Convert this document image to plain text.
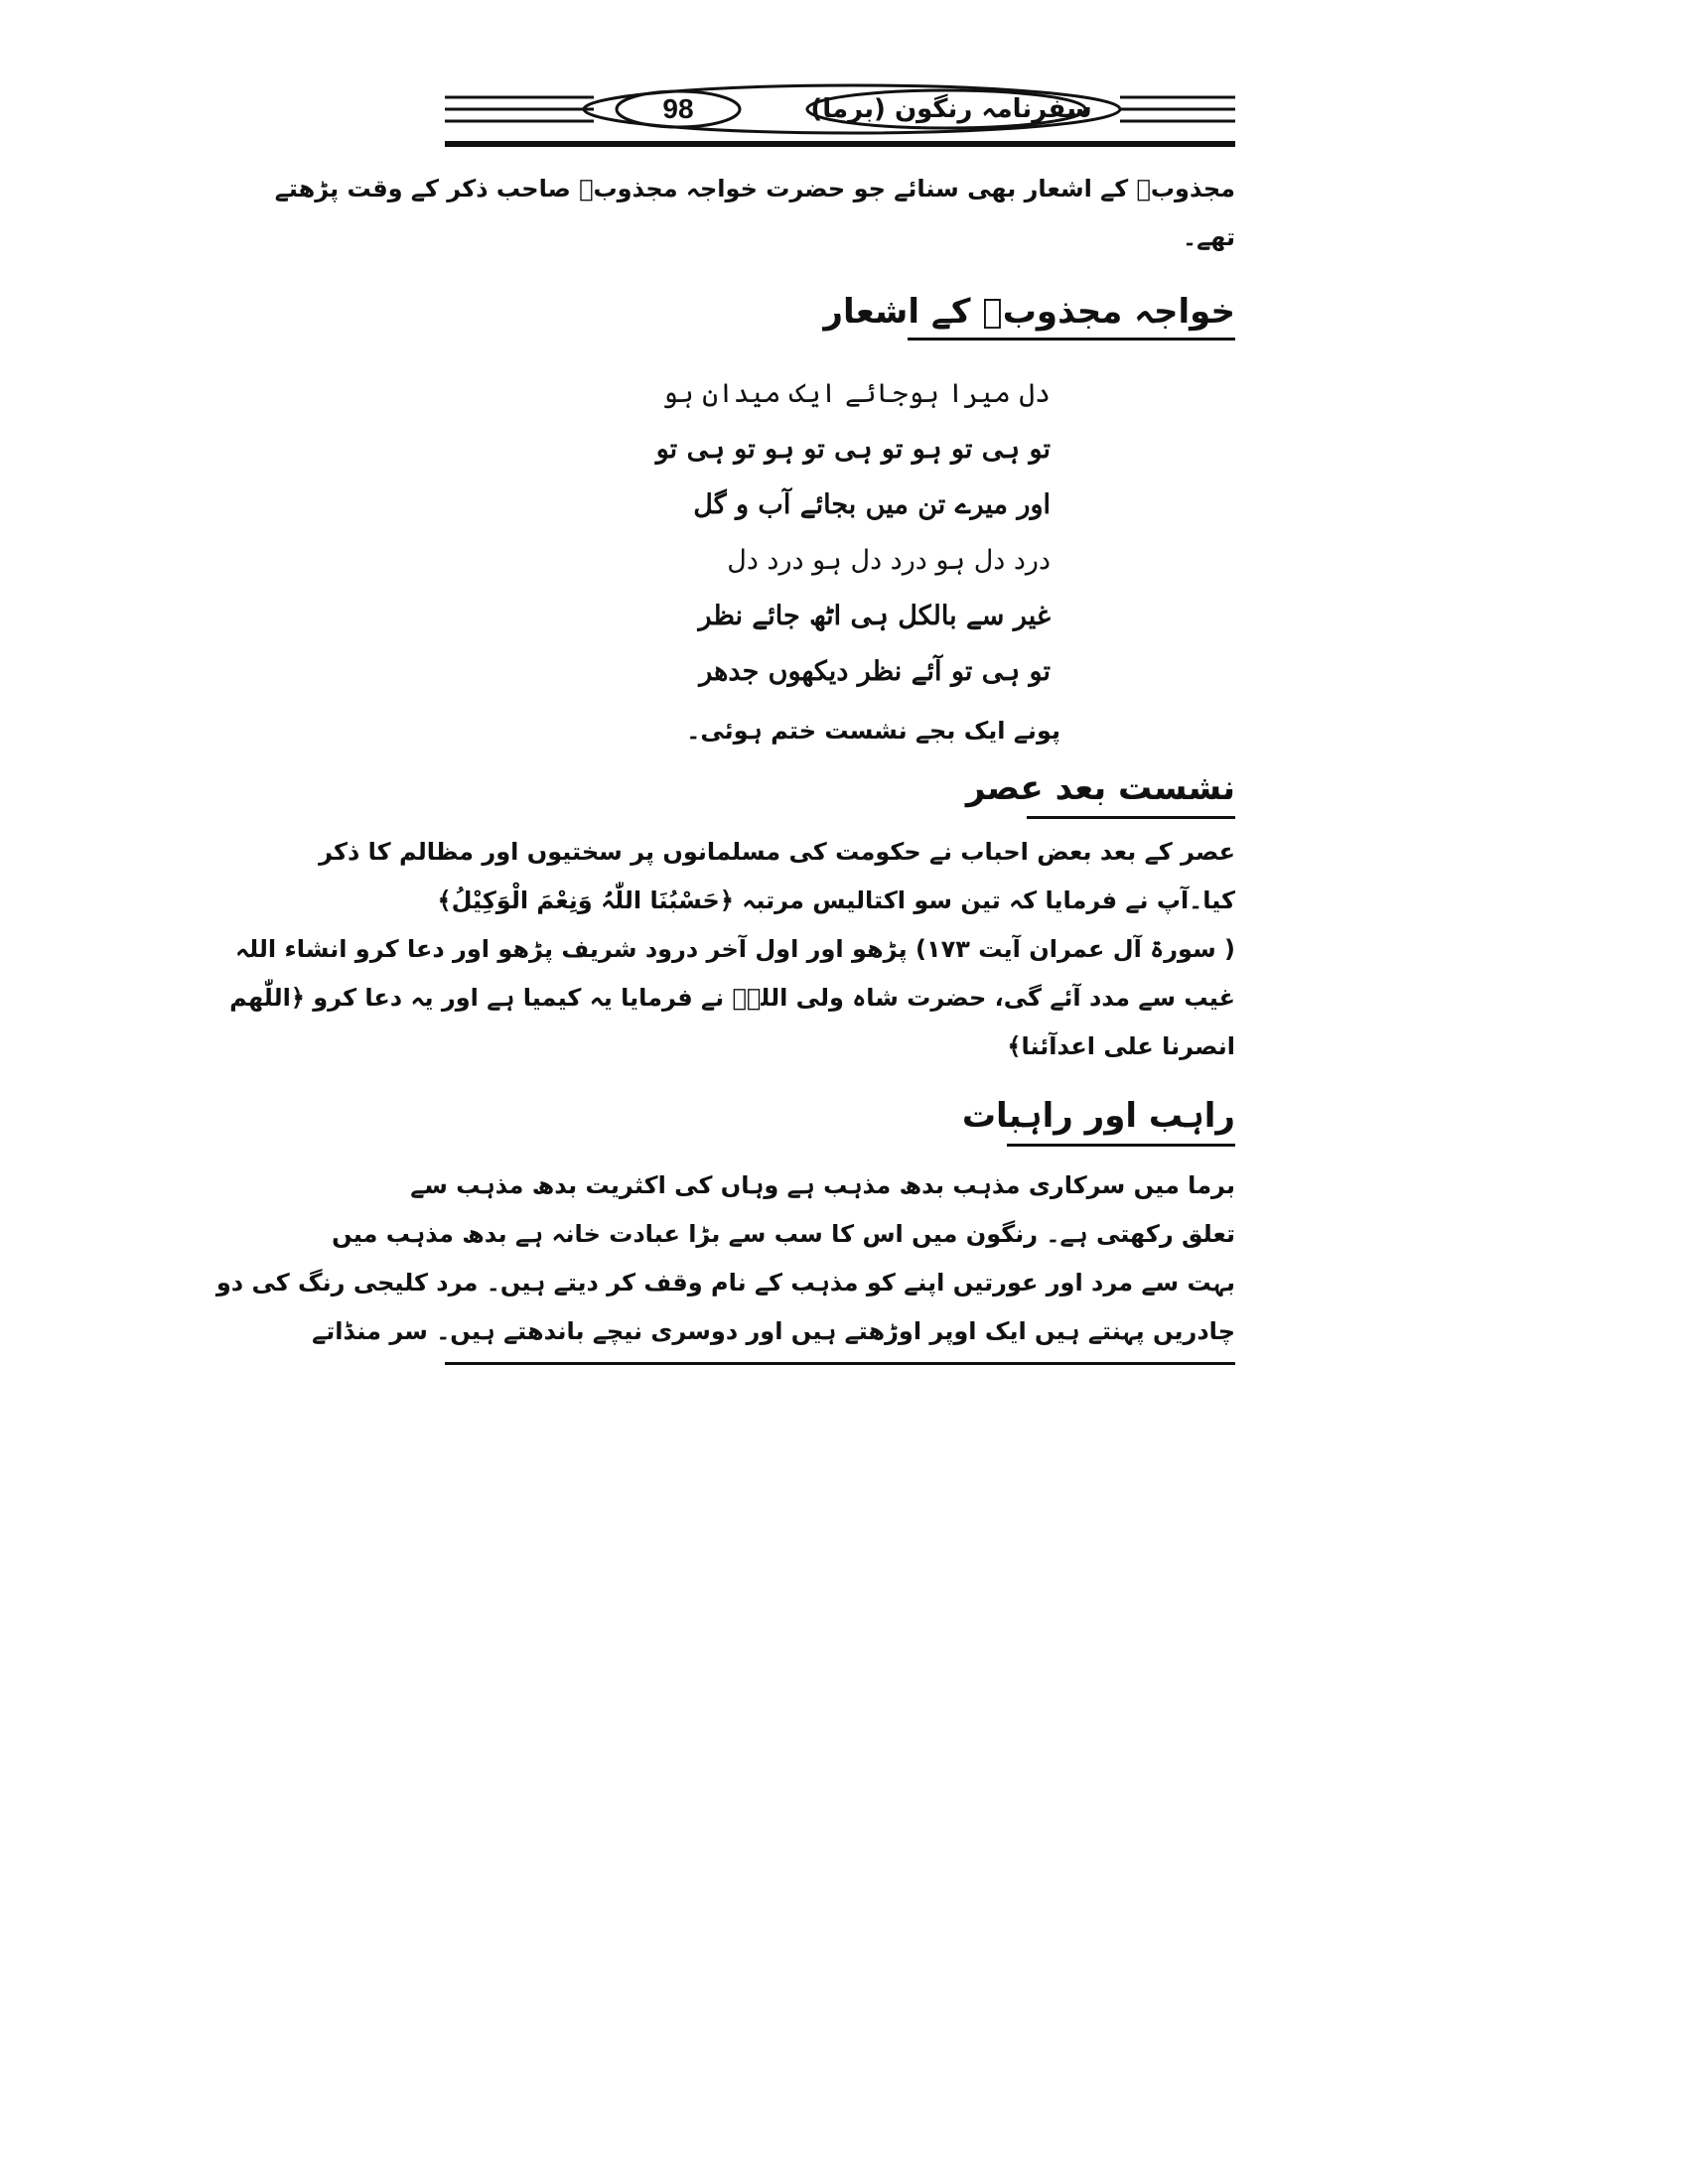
98	سفرنامہ رنگون (برما)
مجذوبؒ کے اشعار بھی سنائے جو حضرت خواجہ مجذوبؒ صاحب ذکر کے وقت پڑھتے
تھے۔
خواجہ مجذوبؒ کے اشعار
دل میرا ہوجائے ایک میدان ہو
تو ہی تو ہو تو ہی تو ہو تو ہی تو
اور میرے تن میں بجائے آب و گل
درد دل ہو درد دل ہو درد دل
غیر سے بالکل ہی اٹھ جائے نظر
تو ہی تو آئے نظر دیکھوں جدھر
پونے ایک بجے نشست ختم ہوئی۔
نشست بعد عصر
عصر کے بعد بعض احباب نے حکومت کی مسلمانوں پر سختیوں اور مظالم کا ذکر
کیا۔آپ نے فرمایا کہ تین سو اکتالیس مرتبہ ﴿حَسْبُنَا اللّٰہُ وَنِعْمَ الْوَکِیْلُ﴾
( سورۃ آل عمران آیت ۱۷۳) پڑھو اور اول آخر درود شریف پڑھو اور دعا کرو انشاء اللہ
غیب سے مدد آئے گی، حضرت شاہ ولی اللہؒ نے فرمایا یہ کیمیا ہے اور یہ دعا کرو ﴿اللّٰھم
انصرنا علی اعدآئنا﴾
راہب اور راہبات
برما میں سرکاری مذہب بدھ مذہب ہے وہاں کی اکثریت بدھ مذہب سے
تعلق رکھتی ہے۔ رنگون میں اس کا سب سے بڑا عبادت خانہ ہے بدھ مذہب میں
بہت سے مرد اور عورتیں اپنے کو مذہب کے نام وقف کر دیتے ہیں۔ مرد کلیجی رنگ کی دو
چادریں پہنتے ہیں ایک اوپر اوڑھتے ہیں اور دوسری نیچے باندھتے ہیں۔ سر منڈاتے
